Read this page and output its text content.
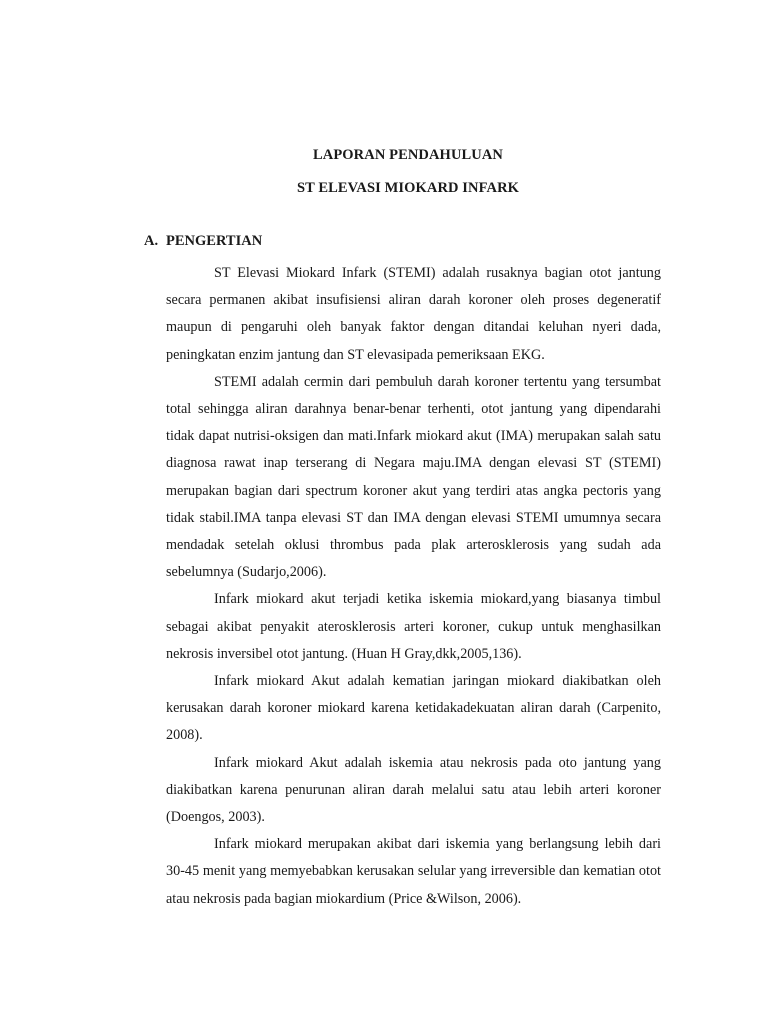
LAPORAN PENDAHULUAN
ST ELEVASI MIOKARD INFARK
A. PENGERTIAN

ST Elevasi Miokard Infark (STEMI) adalah rusaknya bagian otot jantung secara permanen akibat insufisiensi aliran darah koroner oleh proses degeneratif maupun di pengaruhi oleh banyak faktor dengan ditandai keluhan nyeri dada, peningkatan enzim jantung dan ST elevasipada pemeriksaan EKG.

STEMI adalah cermin dari pembuluh darah koroner tertentu yang tersumbat total sehingga aliran darahnya benar-benar terhenti, otot jantung yang dipendarahi tidak dapat nutrisi-oksigen dan mati.Infark miokard akut (IMA) merupakan salah satu diagnosa rawat inap terserang di Negara maju.IMA dengan elevasi ST (STEMI) merupakan bagian dari spectrum koroner akut yang terdiri atas angka pectoris yang tidak stabil.IMA tanpa elevasi ST dan IMA dengan elevasi STEMI umumnya secara mendadak setelah oklusi thrombus pada plak arterosklerosis yang sudah ada sebelumnya (Sudarjo,2006).

Infark miokard akut terjadi ketika iskemia miokard,yang biasanya timbul sebagai akibat penyakit aterosklerosis arteri koroner, cukup untuk menghasilkan nekrosis inversibel otot jantung. (Huan H Gray,dkk,2005,136).

Infark miokard Akut adalah kematian jaringan miokard diakibatkan oleh kerusakan darah koroner miokard karena ketidakadekuatan aliran darah (Carpenito, 2008).

Infark miokard Akut adalah iskemia atau nekrosis pada oto jantung yang diakibatkan karena penurunan aliran darah melalui satu atau lebih arteri koroner (Doengos, 2003).

Infark miokard merupakan akibat dari iskemia yang berlangsung lebih dari 30-45 menit yang memyebabkan kerusakan selular yang irreversible dan kematian otot atau nekrosis pada bagian miokardium (Price &Wilson, 2006).
